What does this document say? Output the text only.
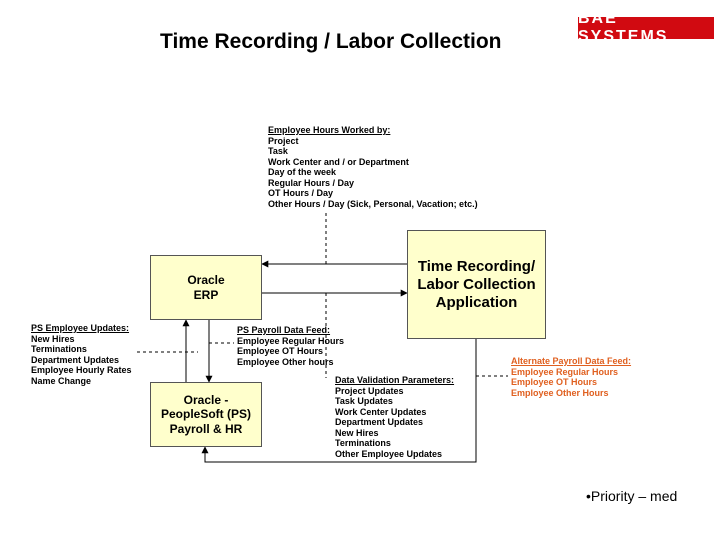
Time Recording / Labor Collection
BAE SYSTEMS
Oracle
ERP
Oracle -
PeopleSoft (PS)
Payroll & HR
Time Recording/
Labor Collection
Application
Employee Hours Worked by:
Project
Task
Work Center and / or Department
Day of the week
Regular Hours / Day
OT Hours / Day
Other Hours / Day (Sick, Personal, Vacation; etc.)
PS Employee Updates:
New Hires
Terminations
Department Updates
Employee Hourly Rates
Name Change
PS Payroll Data Feed:
Employee Regular Hours
Employee OT Hours
Employee Other hours
Data Validation Parameters:
Project Updates
Task Updates
Work Center Updates
Department Updates
New Hires
Terminations
Other Employee Updates
Alternate Payroll Data Feed:
Employee Regular Hours
Employee OT Hours
Employee Other Hours
•Priority – med
